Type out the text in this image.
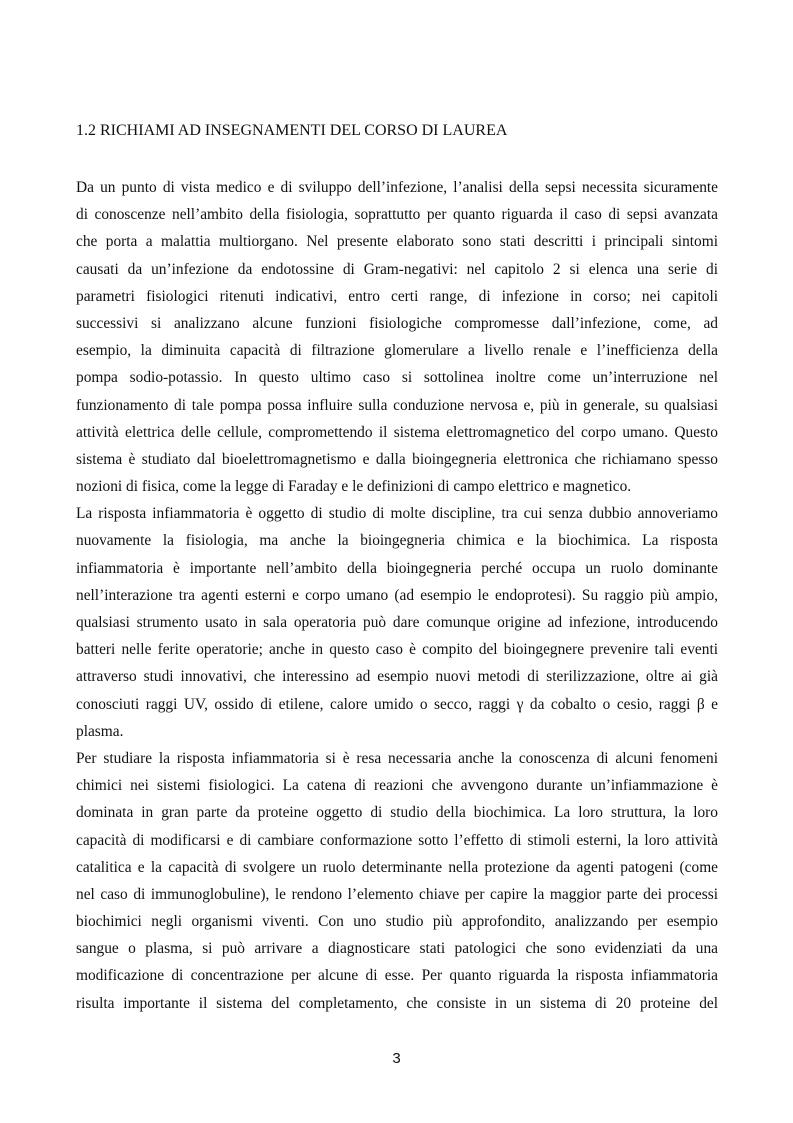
1.2 RICHIAMI AD INSEGNAMENTI DEL CORSO DI LAUREA

Da un punto di vista medico e di sviluppo dell’infezione, l’analisi della sepsi necessita sicuramente
di conoscenze nell’ambito della fisiologia, soprattutto per quanto riguarda il caso di sepsi avanzata
che porta a malattia multiorgano. Nel presente elaborato sono stati descritti i principali sintomi
causati da un’infezione da endotossine di Gram-negativi: nel capitolo 2 si elenca una serie di
parametri fisiologici ritenuti indicativi, entro certi range, di infezione in corso; nei capitoli
successivi si analizzano alcune funzioni fisiologiche compromesse dall’infezione, come, ad
esempio, la diminuita capacità di filtrazione glomerulare a livello renale e l’inefficienza della
pompa sodio-potassio. In questo ultimo caso si sottolinea inoltre come un’interruzione nel
funzionamento di tale pompa possa influire sulla conduzione nervosa e, più in generale, su qualsiasi
attività elettrica delle cellule, compromettendo il sistema elettromagnetico del corpo umano. Questo
sistema è studiato dal bioelettromagnetismo e dalla bioingegneria elettronica che richiamano spesso
nozioni di fisica, come la legge di Faraday e le definizioni di campo elettrico e magnetico.

La risposta infiammatoria è oggetto di studio di molte discipline, tra cui senza dubbio annoveriamo
nuovamente la fisiologia, ma anche la bioingegneria chimica e la biochimica. La risposta
infiammatoria è importante nell’ambito della bioingegneria perché occupa un ruolo dominante
nell’interazione tra agenti esterni e corpo umano (ad esempio le endoprotesi). Su raggio più ampio,
qualsiasi strumento usato in sala operatoria può dare comunque origine ad infezione, introducendo
batteri nelle ferite operatorie; anche in questo caso è compito del bioingegnere prevenire tali eventi
attraverso studi innovativi, che interessino ad esempio nuovi metodi di sterilizzazione, oltre ai già
conosciuti raggi UV, ossido di etilene, calore umido o secco, raggi γ da cobalto o cesio, raggi β e
plasma.

Per studiare la risposta infiammatoria si è resa necessaria anche la conoscenza di alcuni fenomeni
chimici nei sistemi fisiologici. La catena di reazioni che avvengono durante un’infiammazione è
dominata in gran parte da proteine oggetto di studio della biochimica. La loro struttura, la loro
capacità di modificarsi e di cambiare conformazione sotto l’effetto di stimoli esterni, la loro attività
catalitica e la capacità di svolgere un ruolo determinante nella protezione da agenti patogeni (come
nel caso di immunoglobuline), le rendono l’elemento chiave per capire la maggior parte dei processi
biochimici negli organismi viventi. Con uno studio più approfondito, analizzando per esempio
sangue o plasma, si può arrivare a diagnosticare stati patologici che sono evidenziati da una
modificazione di concentrazione per alcune di esse. Per quanto riguarda la risposta infiammatoria
risulta importante il sistema del completamento, che consiste in un sistema di 20 proteine del

3
